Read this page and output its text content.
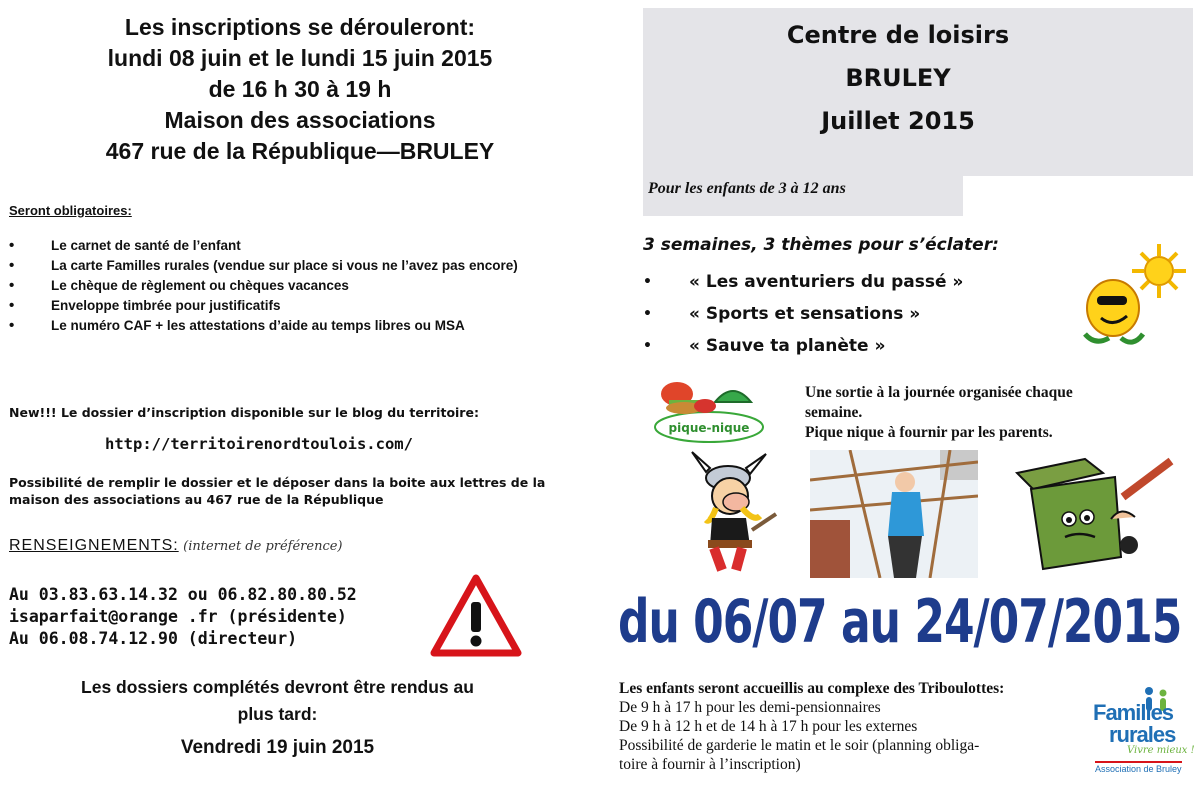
Les inscriptions se dérouleront:
lundi 08 juin et le lundi 15 juin 2015
de 16 h 30 à 19 h
Maison des associations
467 rue de la République—BRULEY
Seront obligatoires:
• Le carnet de santé de l’enfant
• La carte Familles rurales (vendue sur place si vous ne l’avez pas encore)
• Le chèque de règlement ou chèques vacances
• Enveloppe timbrée pour justificatifs
• Le numéro CAF + les attestations d’aide au temps libres ou MSA
New!!! Le dossier d’inscription disponible sur le blog du territoire:
http://territoirenordtoulois.com/
Possibilité de remplir le dossier et le déposer dans la boite aux lettres de la maison des associations au 467 rue de la République
RENSEIGNEMENTS: (internet de préférence)
Au 03.83.63.14.32 ou 06.82.80.80.52
isaparfait@orange .fr (présidente)
Au 06.08.74.12.90 (directeur)
Les dossiers complétés devront être rendus au
plus tard:
Vendredi 19 juin 2015
Centre de loisirs
BRULEY
Juillet 2015
Pour les enfants de 3 à 12 ans
3 semaines, 3 thèmes pour s’éclater:
• « Les aventuriers du passé »
• « Sports et sensations »
• « Sauve ta planète »
pique-nique
Une sortie à la journée organisée chaque
semaine.
Pique nique à fournir par les parents.
du 06/07 au 24/07/2015
Les enfants seront accueillis au complexe des Triboulottes:
De 9 h à 17 h pour les demi-pensionnaires
De 9 h à 12 h et de 14 h à 17 h pour les externes
Possibilité de garderie le matin et le soir (planning obliga-
toire à fournir à l’inscription)
Familles
rurales
Vivre mieux !
Association de Bruley
